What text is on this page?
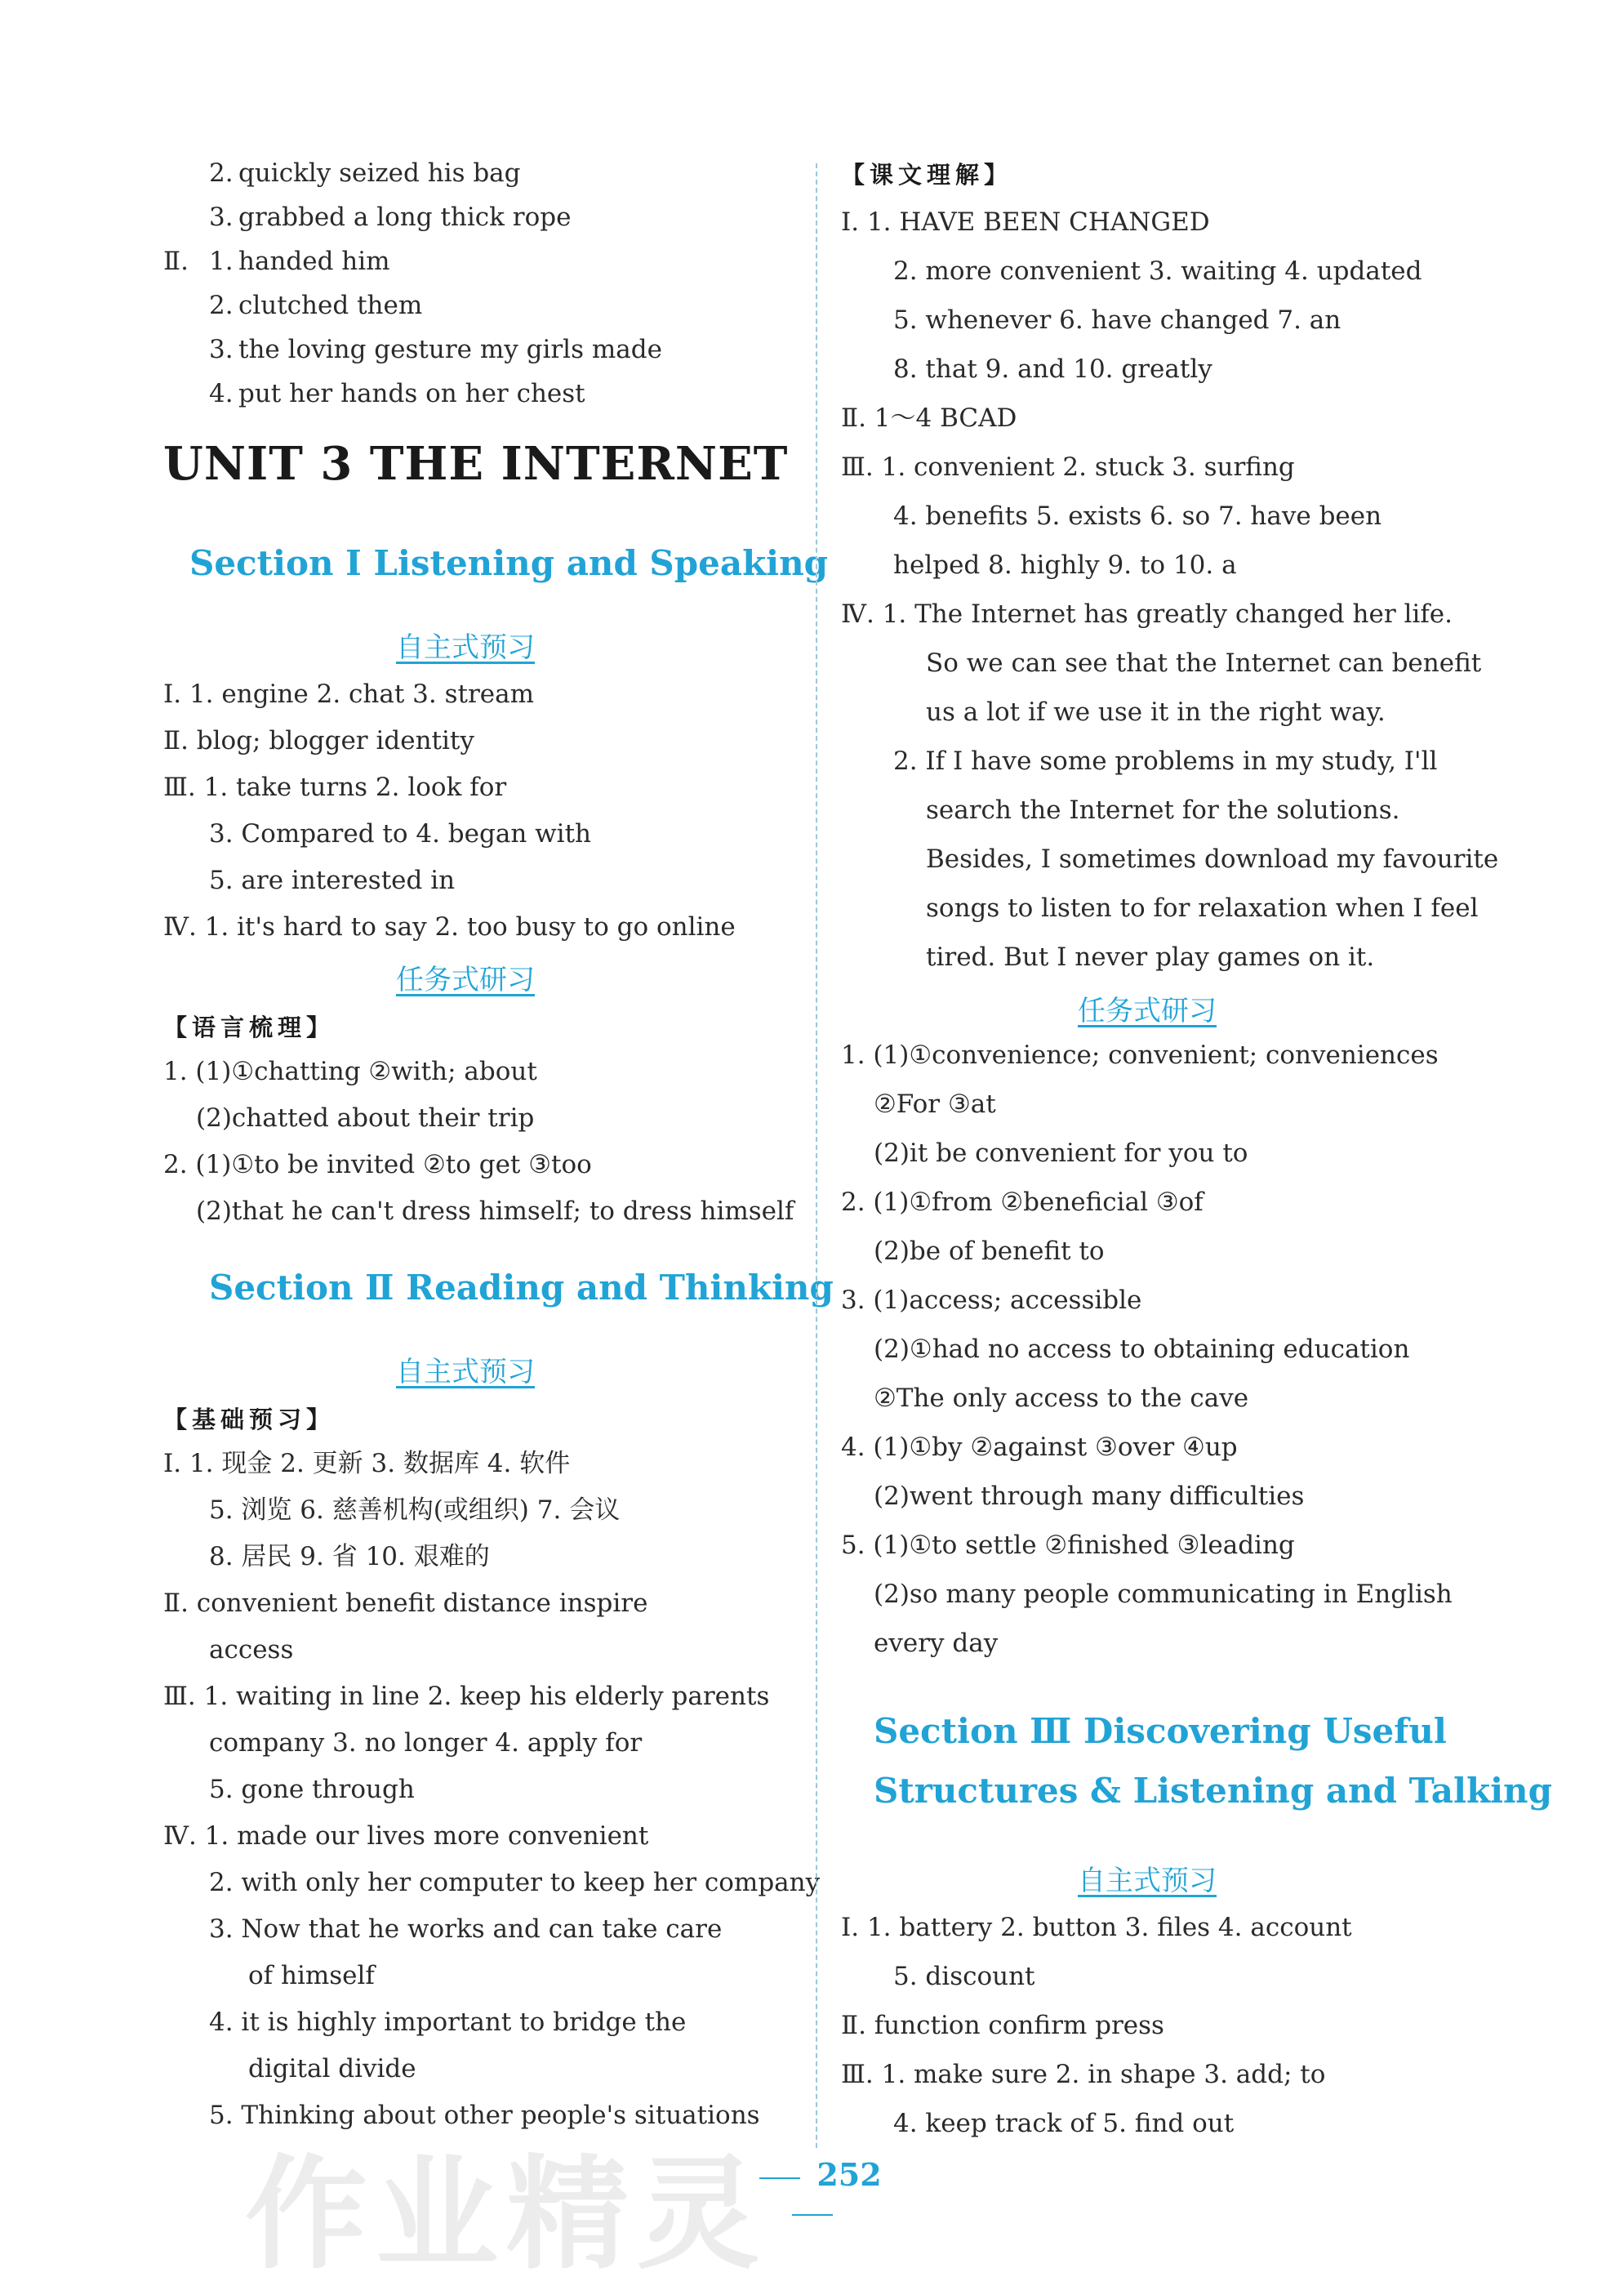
2. quickly seized his bag
3. grabbed a long thick rope
Ⅱ. 1. handed him
2. clutched them
3. the loving gesture my girls made
4. put her hands on her chest
UNIT 3 THE INTERNET
Section Ⅰ Listening and Speaking
自主式预习
Ⅰ. 1. engine 2. chat 3. stream
Ⅱ. blog; blogger identity
Ⅲ. 1. take turns 2. look for
3. Compared to 4. began with
5. are interested in
Ⅳ. 1. it's hard to say 2. too busy to go online
任务式研习
【语言梳理】
1. (1)①chatting ②with; about
(2)chatted about their trip
2. (1)①to be invited ②to get ③too
(2)that he can't dress himself; to dress himself
Section Ⅱ Reading and Thinking
自主式预习
【基础预习】
Ⅰ. 1. 现金 2. 更新 3. 数据库 4. 软件
5. 浏览 6. 慈善机构(或组织) 7. 会议
8. 居民 9. 省 10. 艰难的
Ⅱ. convenient benefit distance inspire
access
Ⅲ. 1. waiting in line 2. keep his elderly parents
company 3. no longer 4. apply for
5. gone through
Ⅳ. 1. made our lives more convenient
2. with only her computer to keep her company
3. Now that he works and can take care
of himself
4. it is highly important to bridge the
digital divide
5. Thinking about other people's situations
【课文理解】
Ⅰ. 1. HAVE BEEN CHANGED
2. more convenient 3. waiting 4. updated
5. whenever 6. have changed 7. an
8. that 9. and 10. greatly
Ⅱ. 1～4 BCAD
Ⅲ. 1. convenient 2. stuck 3. surfing
4. benefits 5. exists 6. so 7. have been
helped 8. highly 9. to 10. a
Ⅳ. 1. The Internet has greatly changed her life.
So we can see that the Internet can benefit
us a lot if we use it in the right way.
2. If I have some problems in my study, I'll
search the Internet for the solutions.
Besides, I sometimes download my favourite
songs to listen to for relaxation when I feel
tired. But I never play games on it.
任务式研习
1. (1)①convenience; convenient; conveniences
②For ③at
(2)it be convenient for you to
2. (1)①from ②beneficial ③of
(2)be of benefit to
3. (1)access; accessible
(2)①had no access to obtaining education
②The only access to the cave
4. (1)①by ②against ③over ④up
(2)went through many difficulties
5. (1)①to settle ②finished ③leading
(2)so many people communicating in English
every day
Section Ⅲ Discovering Useful
Structures & Listening and Talking
自主式预习
Ⅰ. 1. battery 2. button 3. files 4. account
5. discount
Ⅱ. function confirm press
Ⅲ. 1. make sure 2. in shape 3. add; to
4. keep track of 5. find out
252
作业精灵
